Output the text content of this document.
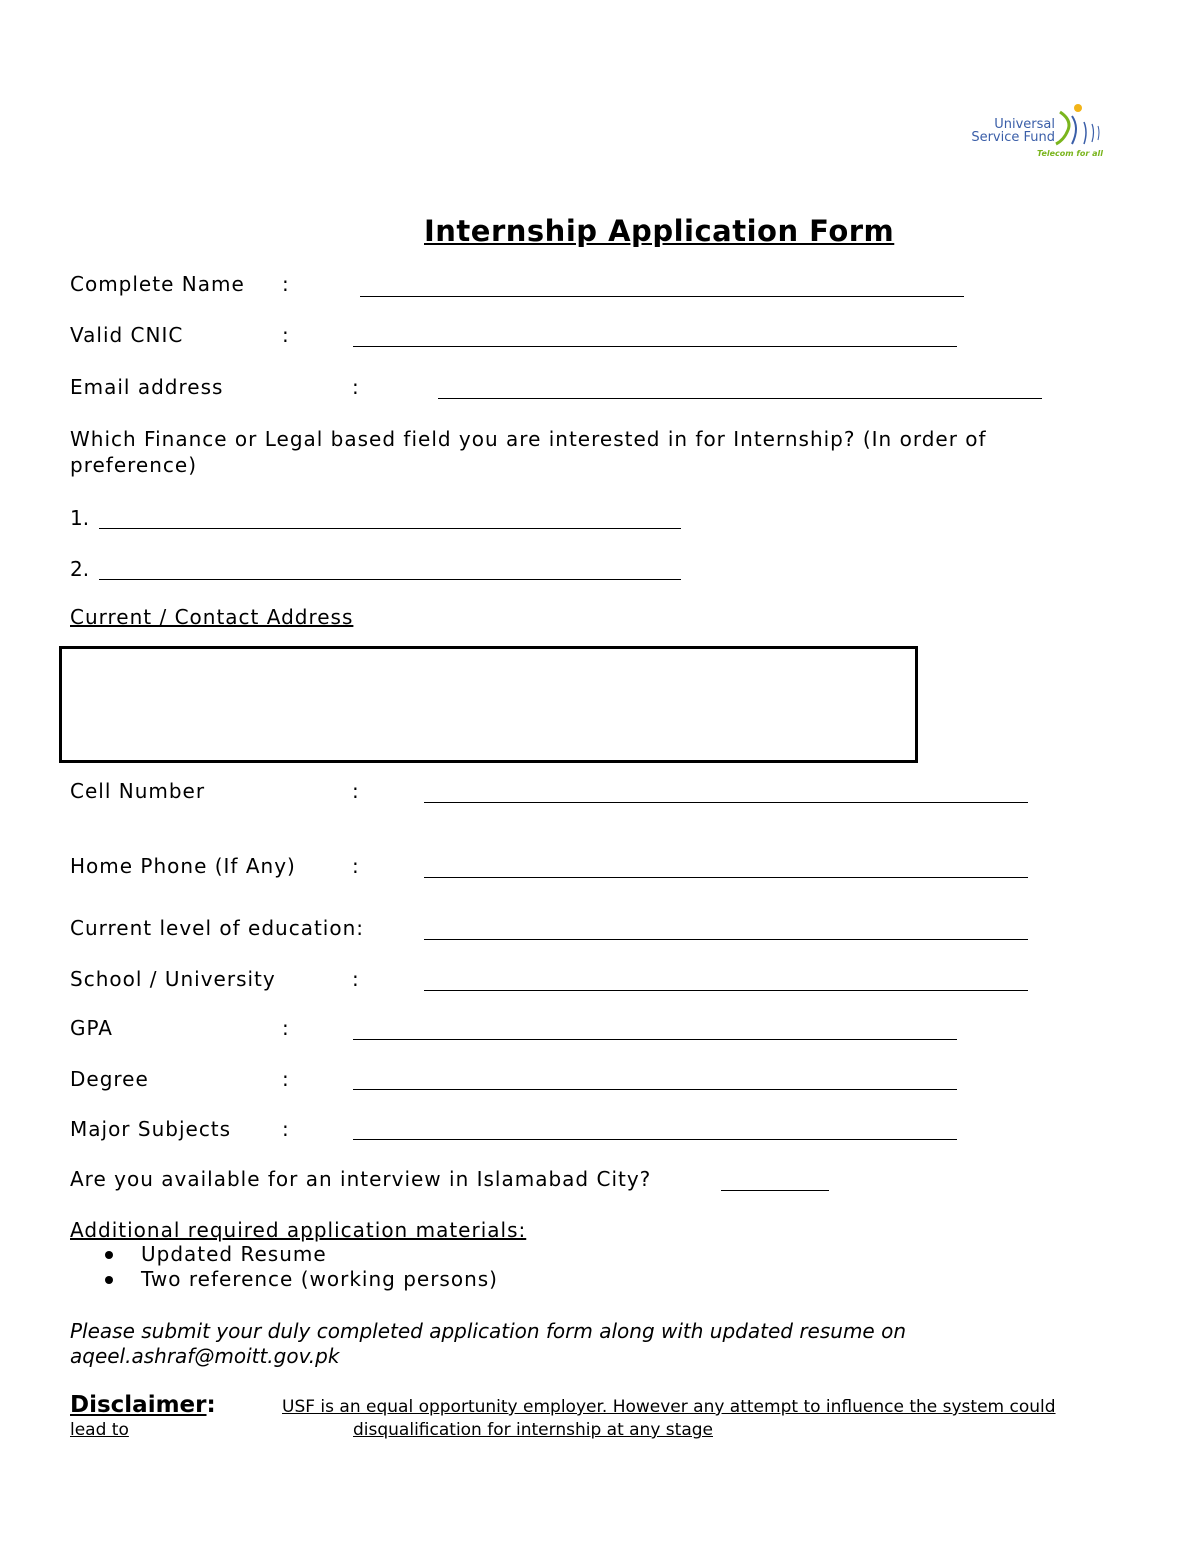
Universal
Service Fund
Telecom for all
Internship Application Form
Complete Name :
Valid CNIC	:
Email address	:
Which Finance or Legal based field you are interested in for Internship? (In order of
preference)
1.
2.
Current / Contact Address
Cell Number	:
Home Phone (If Any)	:
Current level of education:
School / University	:
GPA	:
Degree	:
Major Subjects	:
Are you available for an interview in Islamabad City?
Additional required application materials:
Updated Resume
Two reference (working persons)
Please submit your duly completed application form along with updated resume on
aqeel.ashraf@moitt.gov.pk
Disclaimer:	USF is an equal opportunity employer. However any attempt to influence the system could
lead to	disqualification for internship at any stage
